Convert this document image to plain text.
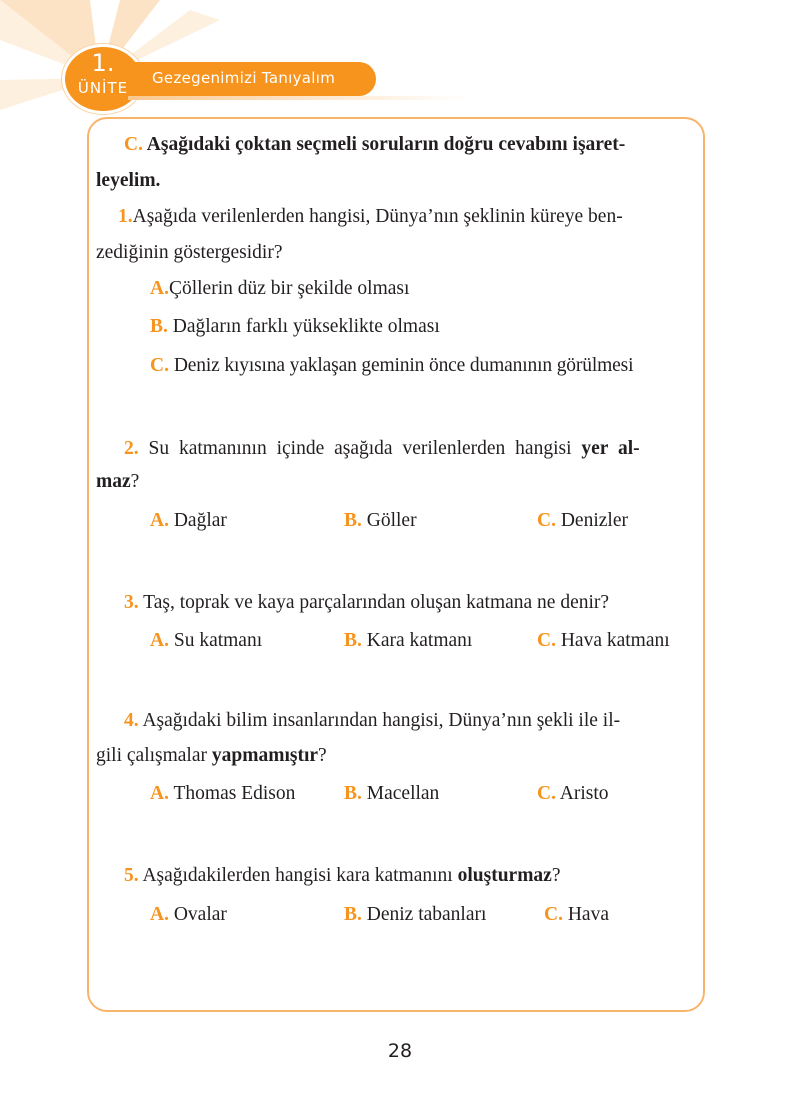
1.
ÜNİTE
Gezegenimizi Tanıyalım
C. Aşağıdaki çoktan seçmeli soruların doğru cevabını işaret-
leyelim.
1.Aşağıda verilenlerden hangisi, Dünya’nın şeklinin küreye ben-
zediğinin göstergesidir?
A.Çöllerin düz bir şekilde olması
B. Dağların farklı yükseklikte olması
C. Deniz kıyısına yaklaşan geminin önce dumanının görülmesi
2. Su katmanının içinde aşağıda verilenlerden hangisi yer al-
maz?
A. Dağlar	B. Göller	C. Denizler
3. Taş, toprak ve kaya parçalarından oluşan katmana ne denir?
A. Su katmanı	B. Kara katmanı	C. Hava katmanı
4. Aşağıdaki bilim insanlarından hangisi, Dünya’nın şekli ile il-
gili çalışmalar yapmamıştır?
A. Thomas Edison B. Macellan	C. Aristo
5. Aşağıdakilerden hangisi kara katmanını oluşturmaz?
A. Ovalar	B. Deniz tabanları	C. Hava
28
